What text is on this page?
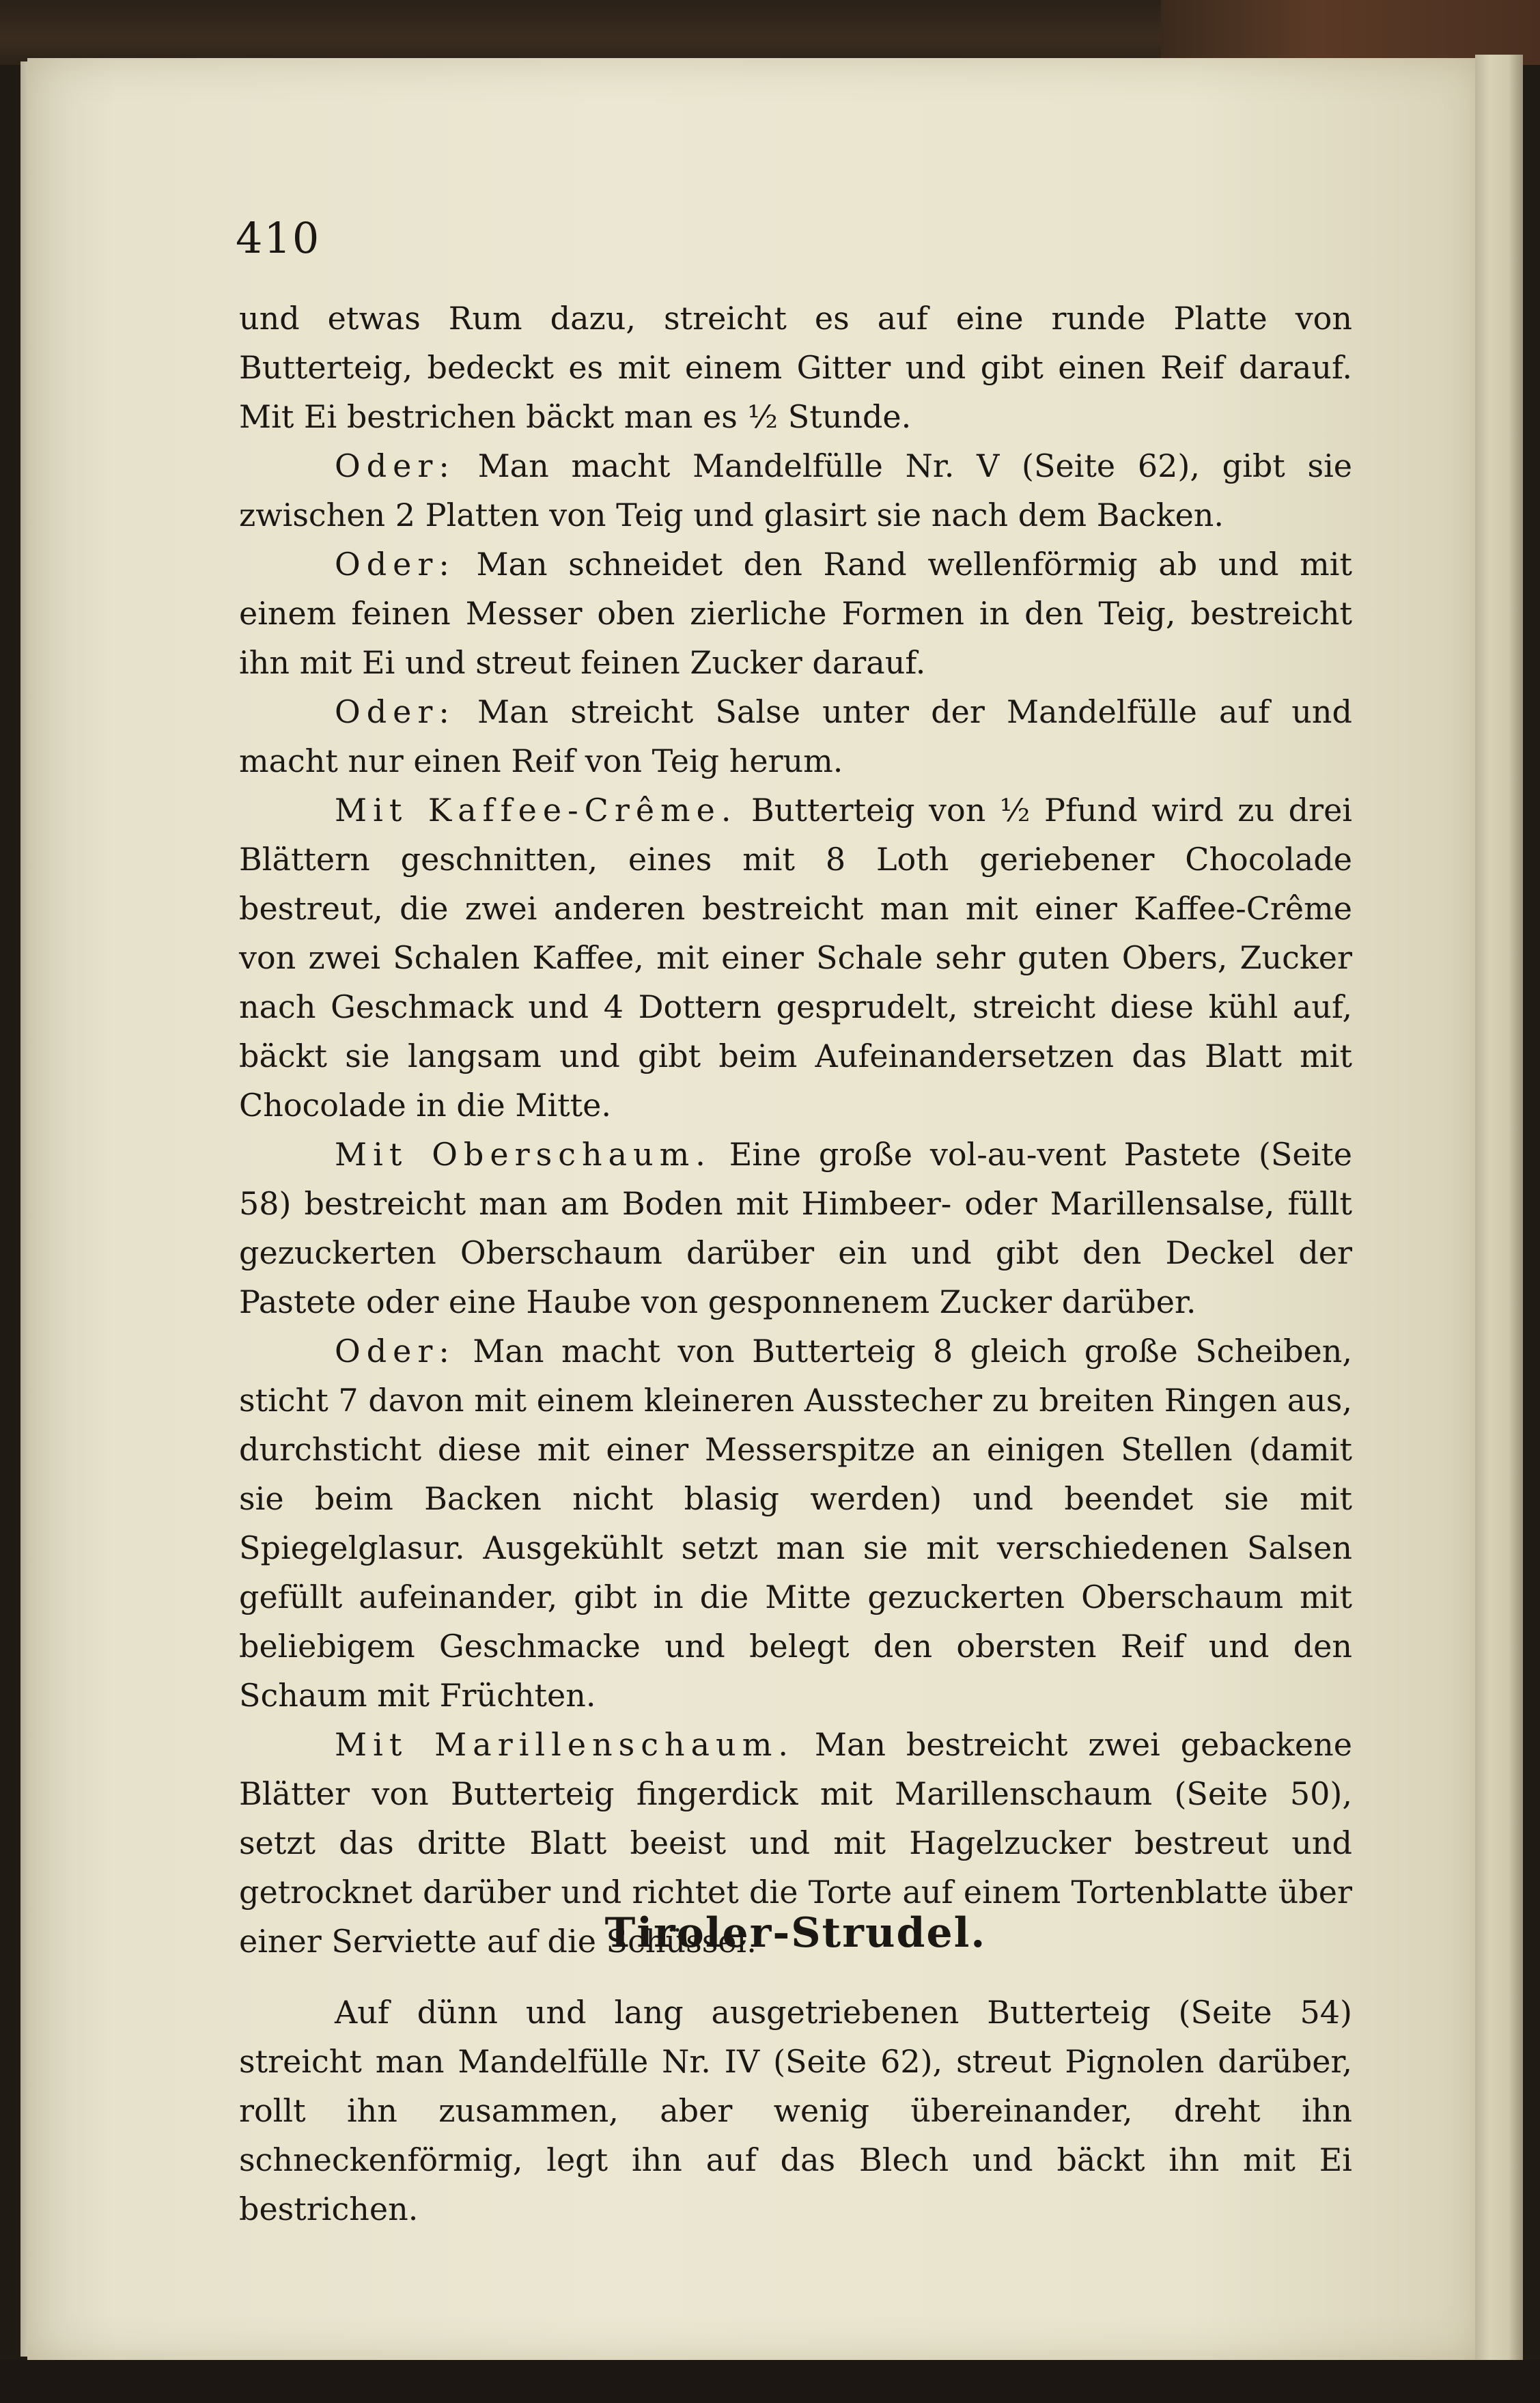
410

und etwas Rum dazu, streicht es auf eine runde Platte von Butterteig, bedeckt es mit einem Gitter und gibt einen Reif darauf. Mit Ei bestrichen bäckt man es ½ Stunde.

Oder: Man macht Mandelfülle Nr. V (Seite 62), gibt sie zwischen 2 Platten von Teig und glasirt sie nach dem Backen.

Oder: Man schneidet den Rand wellenförmig ab und mit einem feinen Messer oben zierliche Formen in den Teig, bestreicht ihn mit Ei und streut feinen Zucker darauf.

Oder: Man streicht Salse unter der Mandelfülle auf und macht nur einen Reif von Teig herum.

Mit Kaffee-Crême. Butterteig von ½ Pfund wird zu drei Blättern geschnitten, eines mit 8 Loth geriebener Chocolade bestreut, die zwei anderen bestreicht man mit einer Kaffee-Crême von zwei Schalen Kaffee, mit einer Schale sehr guten Obers, Zucker nach Geschmack und 4 Dottern gesprudelt, streicht diese kühl auf, bäckt sie langsam und gibt beim Aufeinandersetzen das Blatt mit Chocolade in die Mitte.

Mit Oberschaum. Eine große vol-au-vent Pastete (Seite 58) bestreicht man am Boden mit Himbeer- oder Marillensalse, füllt gezuckerten Oberschaum darüber ein und gibt den Deckel der Pastete oder eine Haube von gesponnenem Zucker darüber.

Oder: Man macht von Butterteig 8 gleich große Scheiben, sticht 7 davon mit einem kleineren Ausstecher zu breiten Ringen aus, durchsticht diese mit einer Messerspitze an einigen Stellen (damit sie beim Backen nicht blasig werden) und beendet sie mit Spiegelglasur. Ausgekühlt setzt man sie mit verschiedenen Salsen gefüllt aufeinander, gibt in die Mitte gezuckerten Oberschaum mit beliebigem Geschmacke und belegt den obersten Reif und den Schaum mit Früchten.

Mit Marillenschaum. Man bestreicht zwei gebackene Blätter von Butterteig fingerdick mit Marillenschaum (Seite 50), setzt das dritte Blatt beeist und mit Hagelzucker bestreut und getrocknet darüber und richtet die Torte auf einem Tortenblatte über einer Serviette auf die Schüssel.

Tiroler-Strudel.

Auf dünn und lang ausgetriebenen Butterteig (Seite 54) streicht man Mandelfülle Nr. IV (Seite 62), streut Pignolen darüber, rollt ihn zusammen, aber wenig übereinander, dreht ihn schneckenförmig, legt ihn auf das Blech und bäckt ihn mit Ei bestrichen.
